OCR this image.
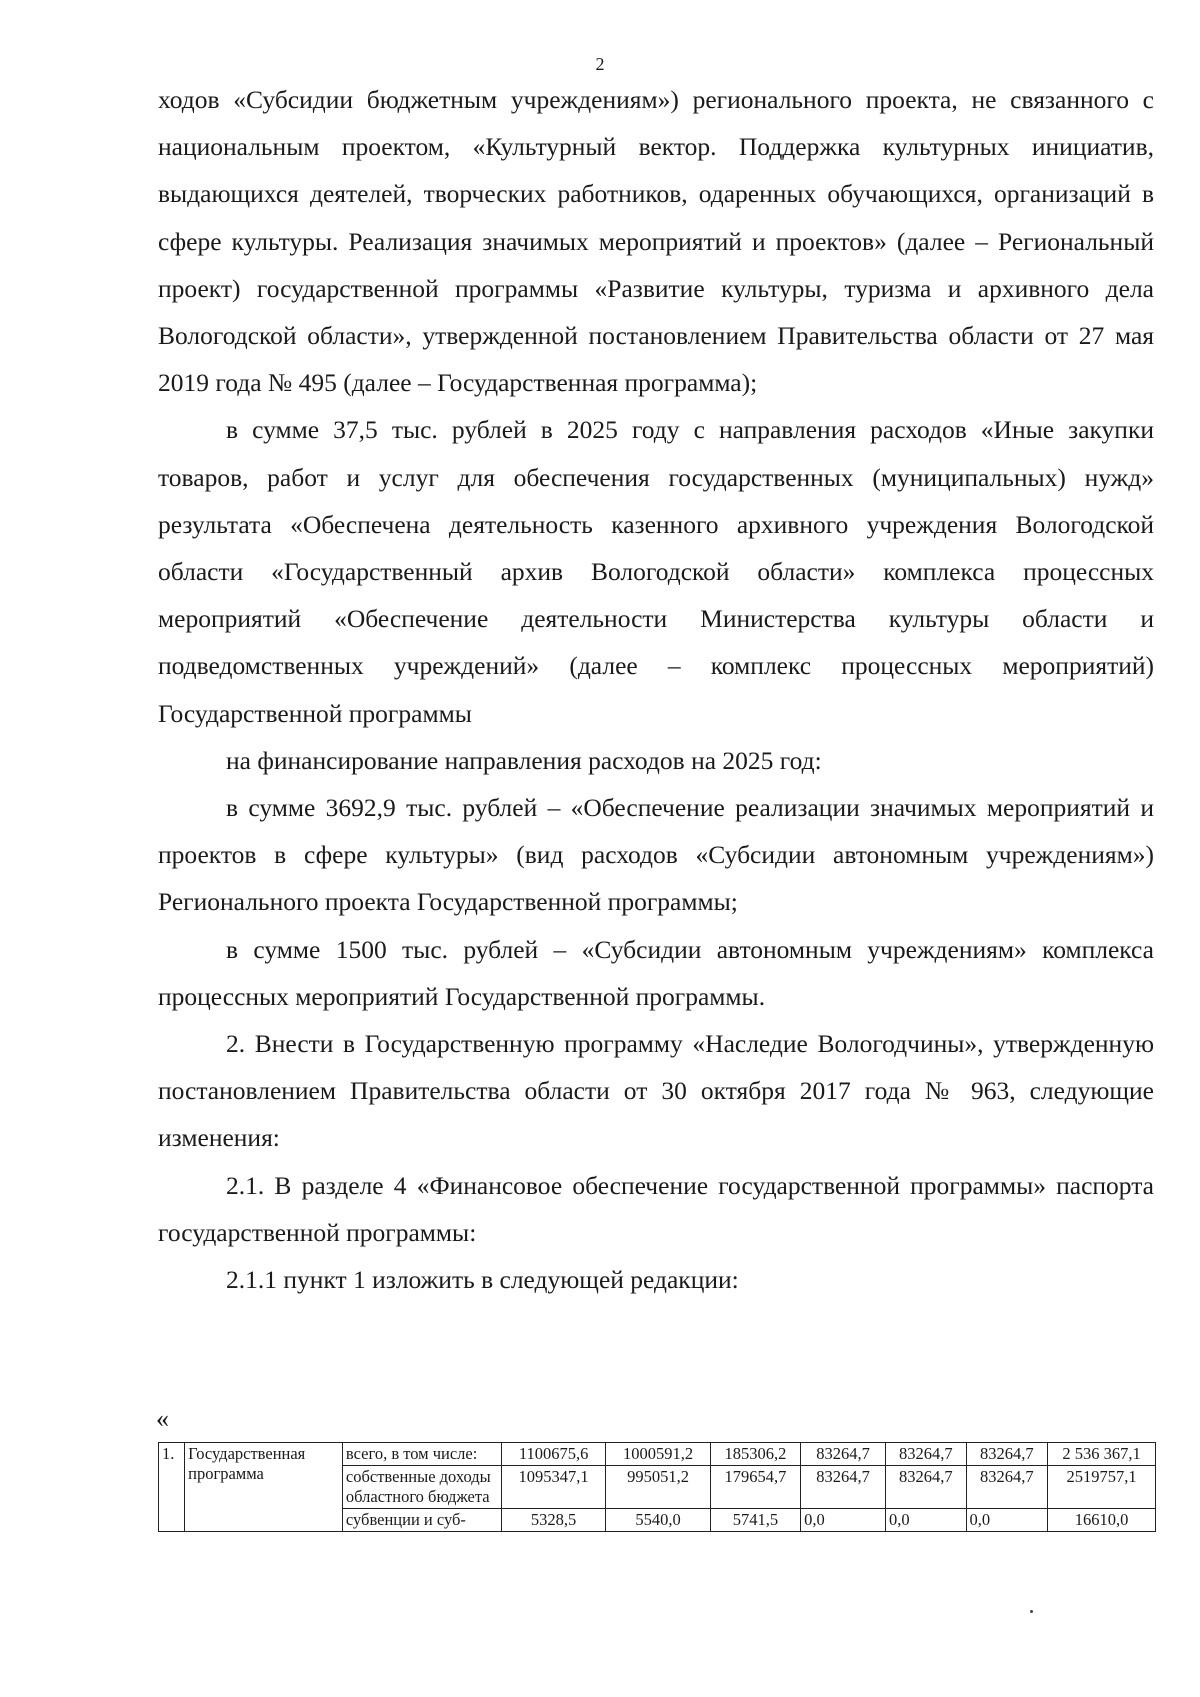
2

ходов «Субсидии бюджетным учреждениям») регионального проекта, не связанного с национальным проектом, «Культурный вектор. Поддержка культурных инициатив, выдающихся деятелей, творческих работников, одаренных обучающихся, организаций в сфере культуры. Реализация значимых мероприятий и проектов» (далее – Региональный проект) государственной программы «Развитие культуры, туризма и архивного дела Вологодской области», утвержденной постановлением Правительства области от 27 мая 2019 года № 495 (далее – Государственная программа);

в сумме 37,5 тыс. рублей в 2025 году с направления расходов «Иные закупки товаров, работ и услуг для обеспечения государственных (муниципальных) нужд» результата «Обеспечена деятельность казенного архивного учреждения Вологодской области «Государственный архив Вологодской области» комплекса процессных мероприятий «Обеспечение деятельности Министерства культуры области и подведомственных учреждений» (далее – комплекс процессных мероприятий) Государственной программы

на финансирование направления расходов на 2025 год:

в сумме 3692,9 тыс. рублей – «Обеспечение реализации значимых мероприятий и проектов в сфере культуры» (вид расходов «Субсидии автономным учреждениям») Регионального проекта Государственной программы;

в сумме 1500 тыс. рублей – «Субсидии автономным учреждениям» комплекса процессных мероприятий Государственной программы.

2. Внести в Государственную программу «Наследие Вологодчины», утвержденную постановлением Правительства области от 30 октября 2017 года № 963, следующие изменения:

2.1. В разделе 4 «Финансовое обеспечение государственной программы» паспорта государственной программы:

2.1.1 пункт 1 изложить в следующей редакции:

«
1.	Государственная программа	всего, в том числе:	1100675,6	1000591,2	185306,2	83264,7	83264,7	83264,7	2 536 367,1
		собственные доходы областного бюджета	1095347,1	995051,2	179654,7	83264,7	83264,7	83264,7	2519757,1
		субвенции и суб-	5328,5	5540,0	5741,5	0,0	0,0	0,0	16610,0
